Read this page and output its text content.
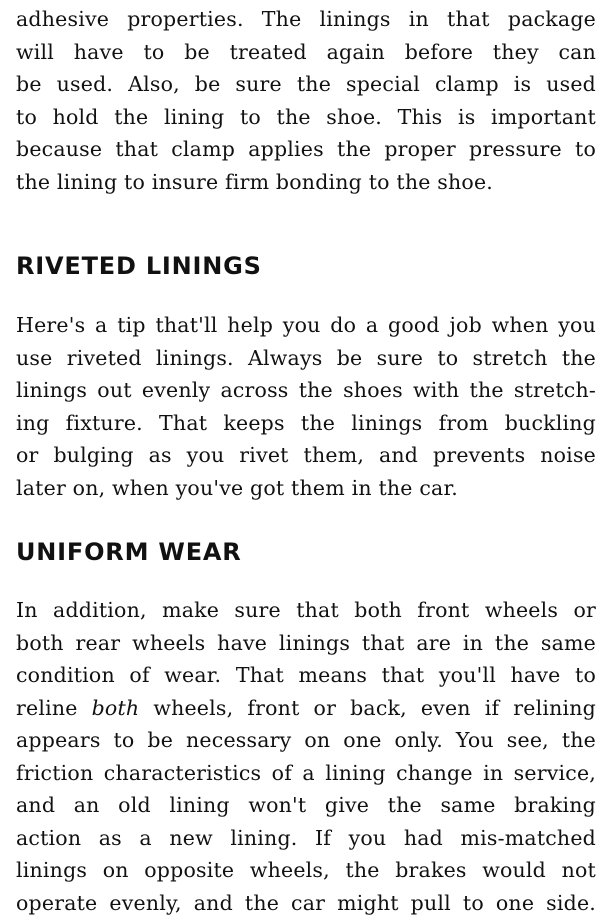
adhesive properties. The linings in that package
will have to be treated again before they can
be used. Also, be sure the special clamp is used
to hold the lining to the shoe. This is important
because that clamp applies the proper pressure to
the lining to insure firm bonding to the shoe.
RIVETED LININGS
Here's a tip that'll help you do a good job when you
use riveted linings. Always be sure to stretch the
linings out evenly across the shoes with the stretch-
ing fixture. That keeps the linings from buckling
or bulging as you rivet them, and prevents noise
later on, when you've got them in the car.
UNIFORM WEAR
In addition, make sure that both front wheels or
both rear wheels have linings that are in the same
condition of wear. That means that you'll have to
reline both wheels, front or back, even if relining
appears to be necessary on one only. You see, the
friction characteristics of a lining change in service,
and an old lining won't give the same braking
action as a new lining. If you had mis-matched
linings on opposite wheels, the brakes would not
operate evenly, and the car might pull to one side.
